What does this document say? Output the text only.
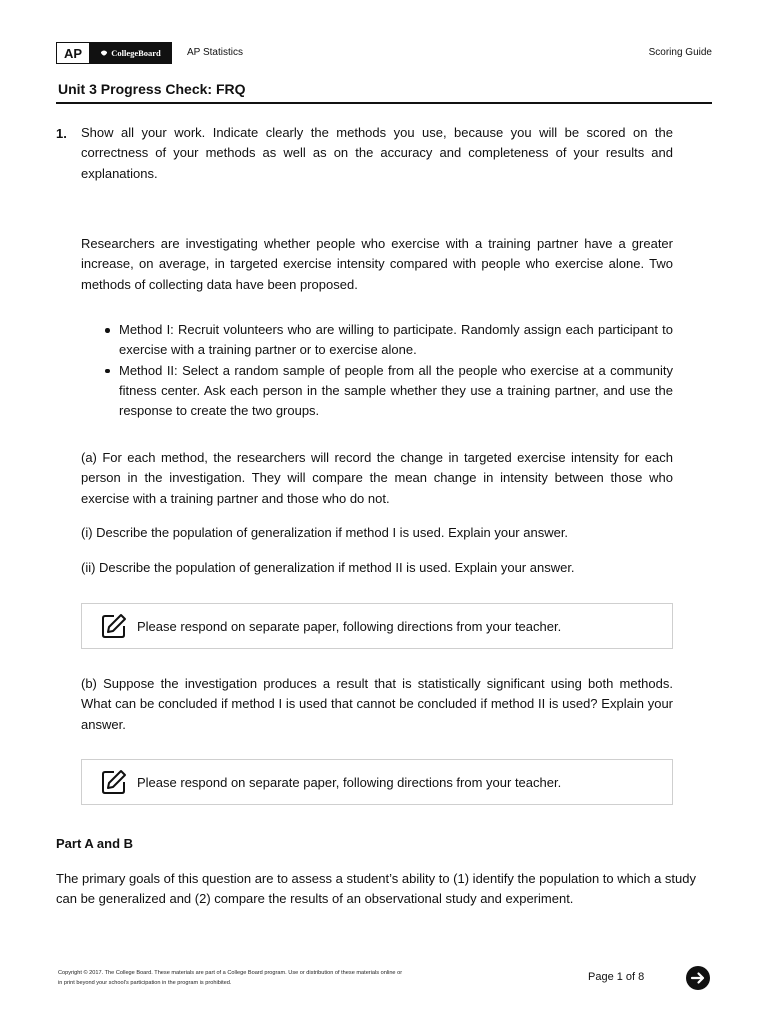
AP	CollegeBoard	AP Statistics	Scoring Guide
Unit 3 Progress Check: FRQ
1. Show all your work. Indicate clearly the methods you use, because you will be scored on the correctness of your methods as well as on the accuracy and completeness of your results and explanations.

Researchers are investigating whether people who exercise with a training partner have a greater increase, on average, in targeted exercise intensity compared with people who exercise alone. Two methods of collecting data have been proposed.

Method I: Recruit volunteers who are willing to participate. Randomly assign each participant to exercise with a training partner or to exercise alone.
Method II: Select a random sample of people from all the people who exercise at a community fitness center. Ask each person in the sample whether they use a training partner, and use the response to create the two groups.

(a) For each method, the researchers will record the change in targeted exercise intensity for each person in the investigation. They will compare the mean change in intensity between those who exercise with a training partner and those who do not.

(i) Describe the population of generalization if method I is used. Explain your answer.

(ii) Describe the population of generalization if method II is used. Explain your answer.

Please respond on separate paper, following directions from your teacher.

(b) Suppose the investigation produces a result that is statistically significant using both methods. What can be concluded if method I is used that cannot be concluded if method II is used? Explain your answer.

Please respond on separate paper, following directions from your teacher.
Part A and B

The primary goals of this question are to assess a student’s ability to (1) identify the population to which a study can be generalized and (2) compare the results of an observational study and experiment.

Copyright © 2017. The College Board. These materials are part of a College Board program. Use or distribution of these materials online or
in print beyond your school’s participation in the program is prohibited.	Page 1 of 8
